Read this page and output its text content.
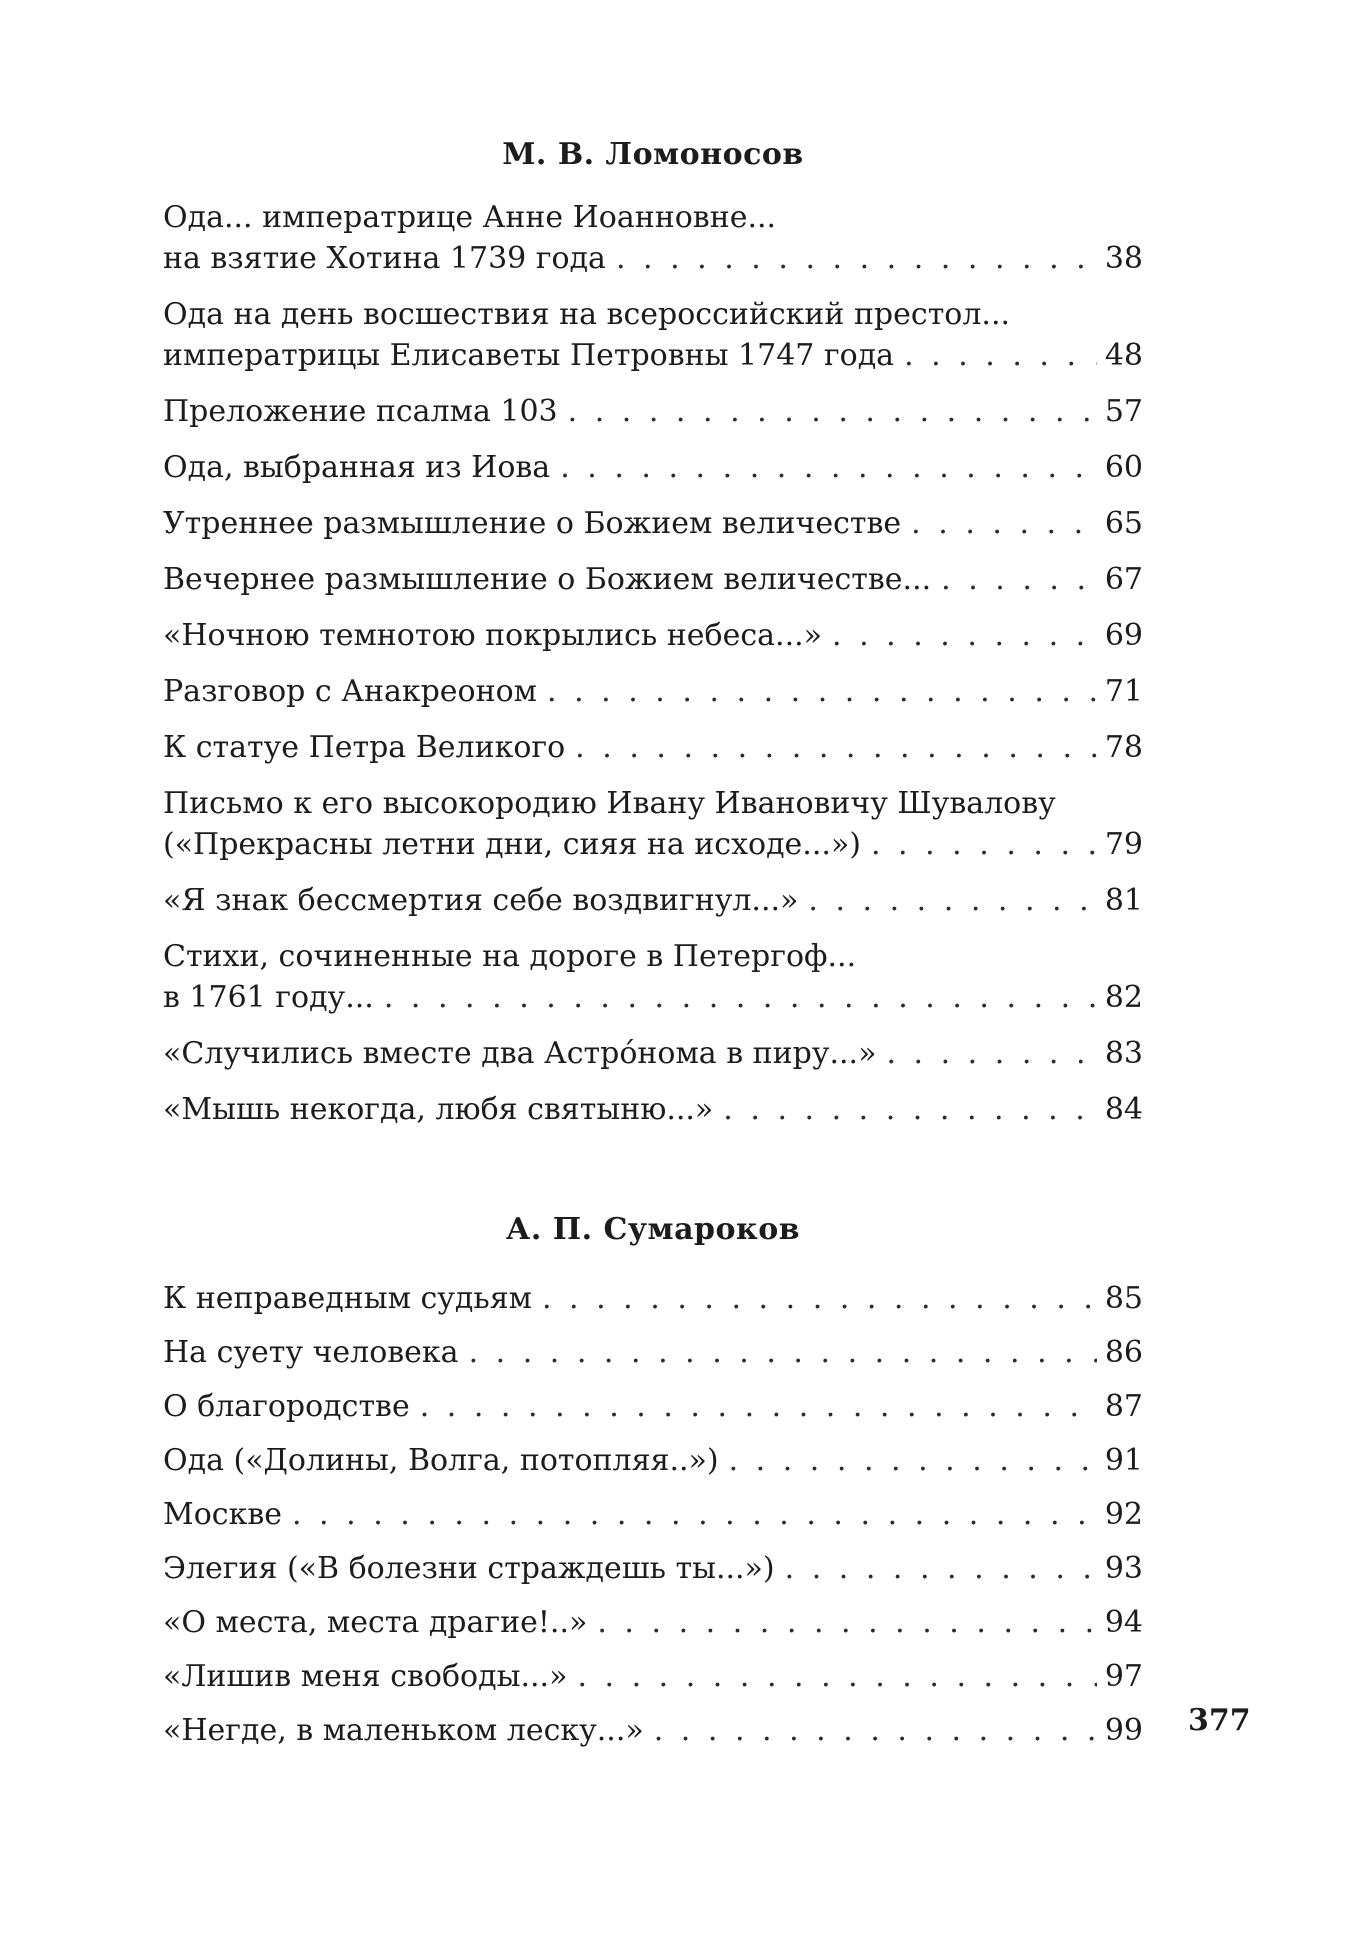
М. В. Ломоносов
Ода... императрице Анне Иоанновне...
на взятие Хотина 1739 года . . .	38
Ода на день восшествия на всероссийский престол...
императрицы Елисаветы Петровны 1747 года . . .	48
Преложение псалма 103 . . .	57
Ода, выбранная из Иова . . .	60
Утреннее размышление о Божием величестве . . .	65
Вечернее размышление о Божием величестве... . . .	67
«Ночною темнотою покрылись небеса...» . . .	69
Разговор с Анакреоном . . .	71
К статуе Петра Великого . . .	78
Письмо к его высокородию Ивану Ивановичу Шувалову
(«Прекрасны летни дни, сияя на исходе...») . . .	79
«Я знак бессмертия себе воздвигнул...» . . .	81
Стихи, сочиненные на дороге в Петергоф...
в 1761 году... . . .	82
«Случились вместе два Астро́нома в пиру...» . . .	83
«Мышь некогда, любя святыню...» . . .	84
А. П. Сумароков
К неправедным судьям . . .	85
На суету человека . . .	86
О благородстве . . .	87
Ода («Долины, Волга, потопляя..») . . .	91
Москве . . .	92
Элегия («В болезни страждешь ты...») . . .	93
«О места, места драгие!..» . . .	94
«Лишив меня свободы...» . . .	97
«Негде, в маленьком леску...» . . .	99 377
